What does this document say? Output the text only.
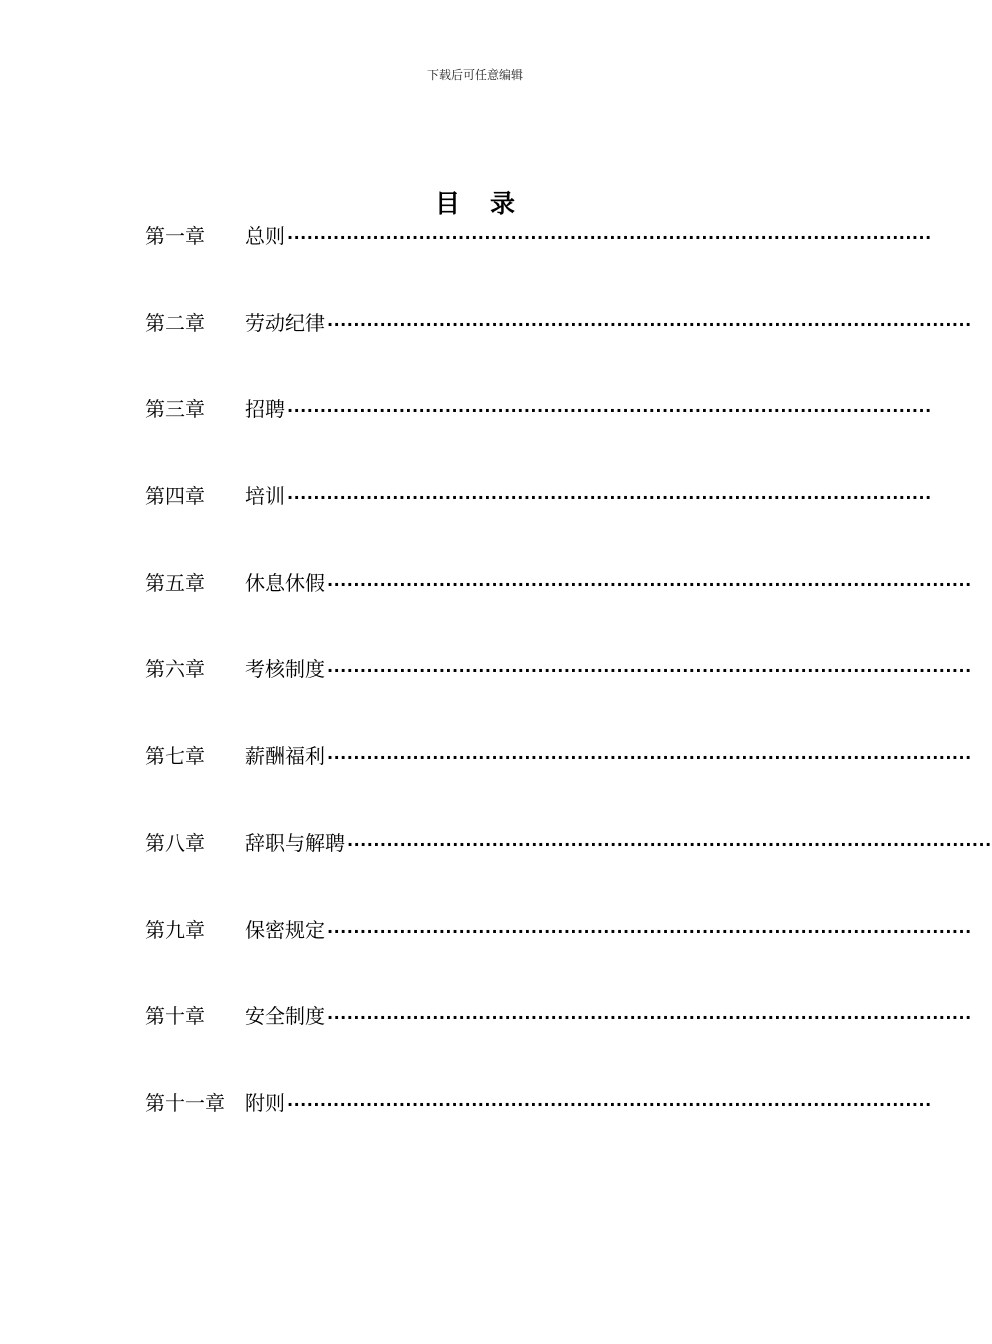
下载后可任意编辑
目 录
第一章	总则 ··································································································
第二章	劳动纪律 ··································································································
第三章	招聘 ··································································································
第四章	培训 ··································································································
第五章	休息休假 ··································································································
第六章	考核制度 ··································································································
第七章	薪酬福利 ··································································································
第八章	辞职与解聘 ··································································································
第九章	保密规定 ··································································································
第十章	安全制度 ··································································································
第十一章	附则 ··································································································
